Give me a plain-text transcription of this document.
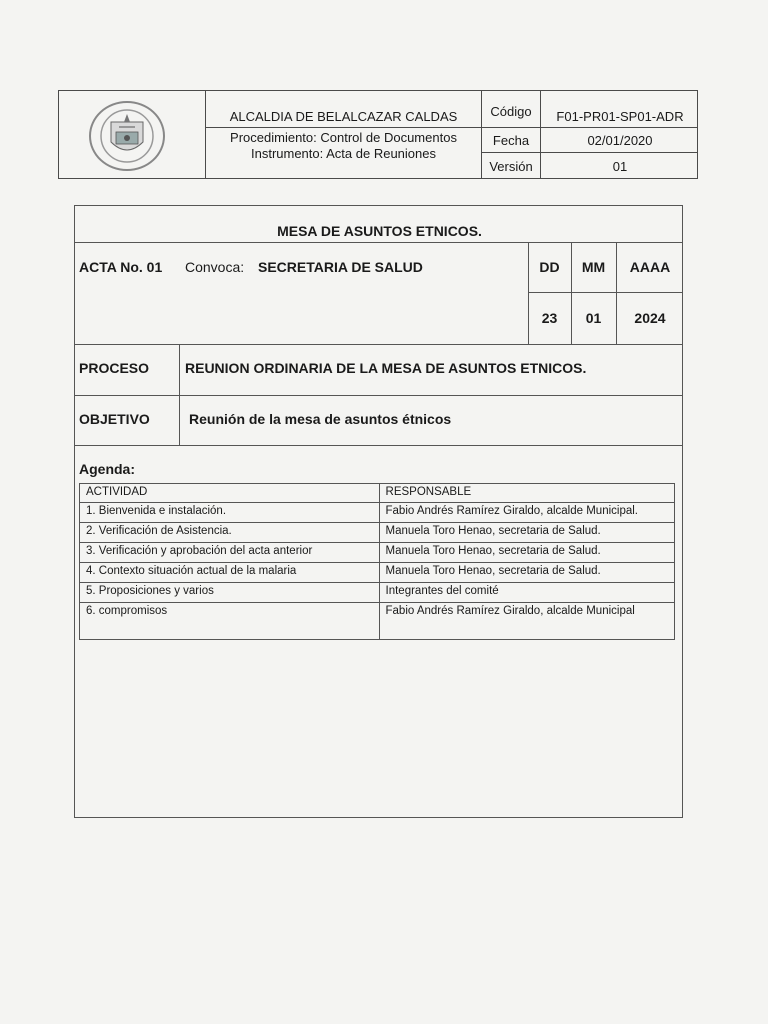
ALCALDIA DE BELALCAZAR CALDAS
Procedimiento: Control de Documentos
Instrumento: Acta de Reuniones
Código	F01-PR01-SP01-ADR
Fecha	02/01/2020
Versión	01
MESA DE ASUNTOS ETNICOS.
ACTA No. 01 Convoca: SECRETARIA DE SALUD	DD	MM	AAAA
23	01	2024
PROCESO	REUNION ORDINARIA DE LA MESA DE ASUNTOS ETNICOS.
OBJETIVO	Reunión de la mesa de asuntos étnicos
Agenda:
ACTIVIDAD	RESPONSABLE
1. Bienvenida e instalación.	Fabio Andrés Ramírez Giraldo, alcalde Municipal.
2. Verificación de Asistencia.	Manuela Toro Henao, secretaria de Salud.
3. Verificación y aprobación del acta anterior	Manuela Toro Henao, secretaria de Salud.
4. Contexto situación actual de la malaria	Manuela Toro Henao, secretaria de Salud.
5. Proposiciones y varios	Integrantes del comité
6. compromisos	Fabio Andrés Ramírez Giraldo, alcalde Municipal
